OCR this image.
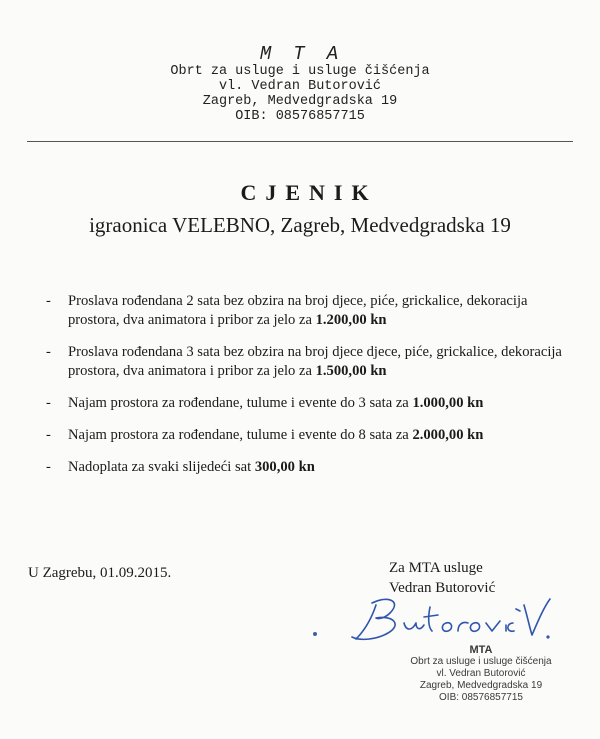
MTA
Obrt za usluge i usluge čišćenja
vl. Vedran Butorović
Zagreb, Medvedgradska 19
OIB: 08576857715
CJENIK
igraonica VELEBNO, Zagreb, Medvedgradska 19
- Proslava rođendana 2 sata bez obzira na broj djece, piće, grickalice, dekoracija prostora, dva animatora i pribor za jelo za 1.200,00 kn
- Proslava rođendana 3 sata bez obzira na broj djece djece, piće, grickalice, dekoracija prostora, dva animatora i pribor za jelo za 1.500,00 kn
- Najam prostora za rođendane, tulume i evente do 3 sata za 1.000,00 kn
- Najam prostora za rođendane, tulume i evente do 8 sata za 2.000,00 kn
- Nadoplata za svaki slijedeći sat 300,00 kn
U Zagrebu, 01.09.2015.	Za MTA usluge
Vedran Butorović
MTA
Obrt za usluge i usluge čišćenja
vl. Vedran Butorović
Zagreb, Medvedgradska 19
OIB: 08576857715
